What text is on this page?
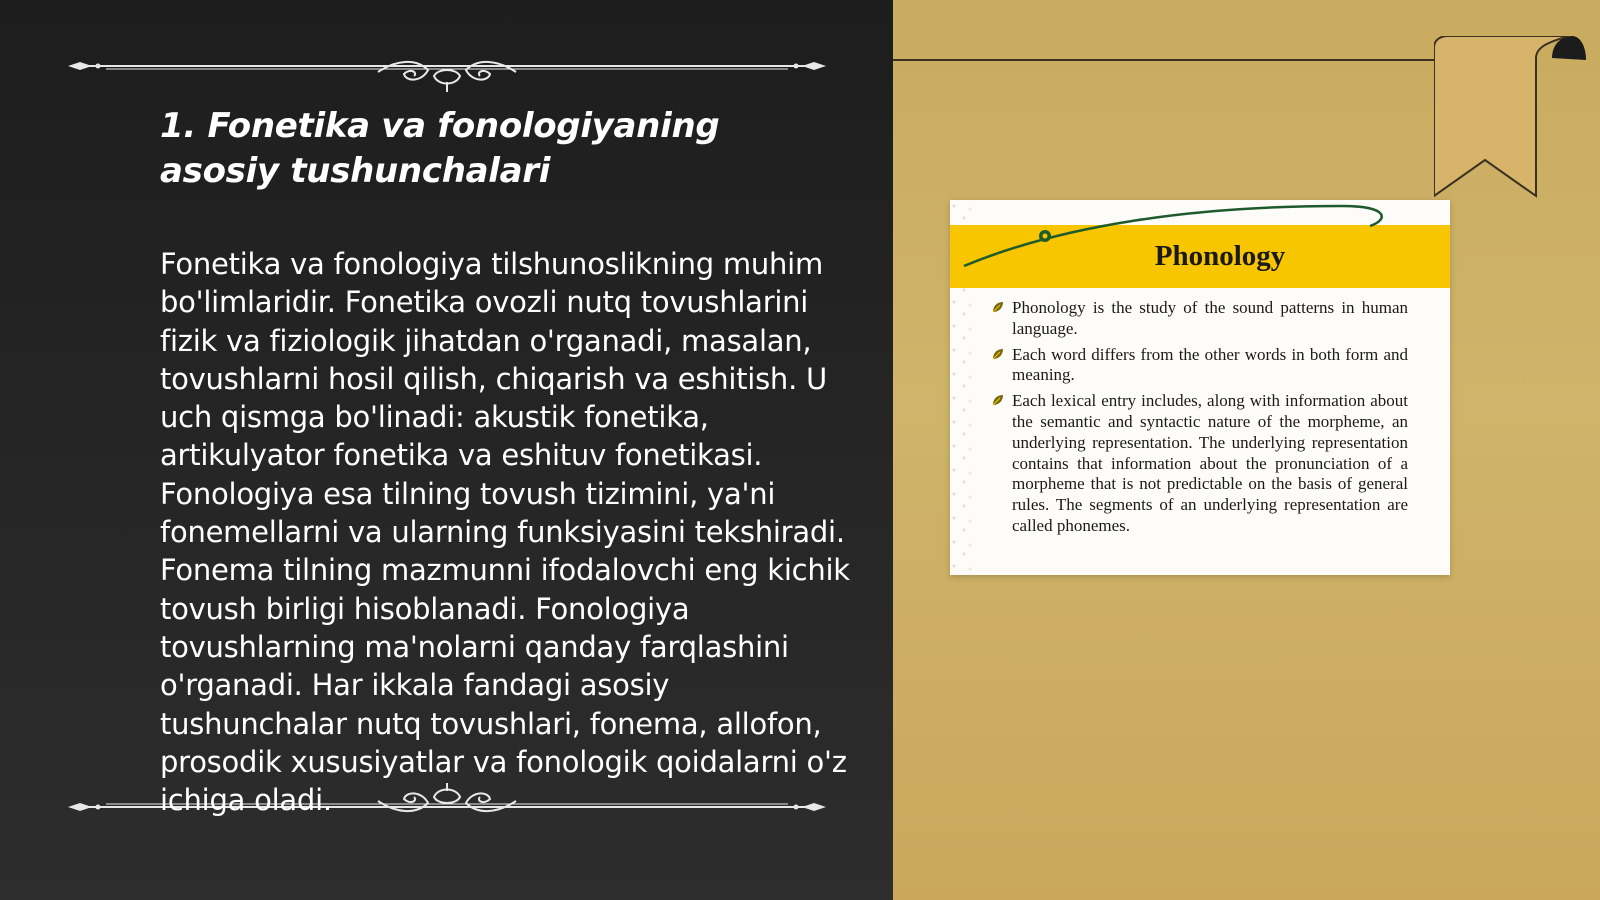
1. Fonetika va fonologiyaning asosiy tushunchalari

Fonetika va fonologiya tilshunoslikning muhim bo'limlaridir. Fonetika ovozli nutq tovushlarini fizik va fiziologik jihatdan o'rganadi, masalan, tovushlarni hosil qilish, chiqarish va eshitish. U uch qismga bo'linadi: akustik fonetika, artikulyator fonetika va eshituv fonetikasi. Fonologiya esa tilning tovush tizimini, ya'ni fonemellarni va ularning funksiyasini tekshiradi. Fonema tilning mazmunni ifodalovchi eng kichik tovush birligi hisoblanadi. Fonologiya tovushlarning ma'nolarni qanday farqlashini o'rganadi. Har ikkala fandagi asosiy tushunchalar nutq tovushlari, fonema, allofon, prosodik xususiyatlar va fonologik qoidalarni o'z ichiga oladi.

Phonology
Phonology is the study of the sound patterns in human language.
Each word differs from the other words in both form and meaning.
Each lexical entry includes, along with information about the semantic and syntactic nature of the morpheme, an underlying representation. The underlying representation contains that information about the pronunciation of a morpheme that is not predictable on the basis of general rules. The segments of an underlying representation are called phonemes.
